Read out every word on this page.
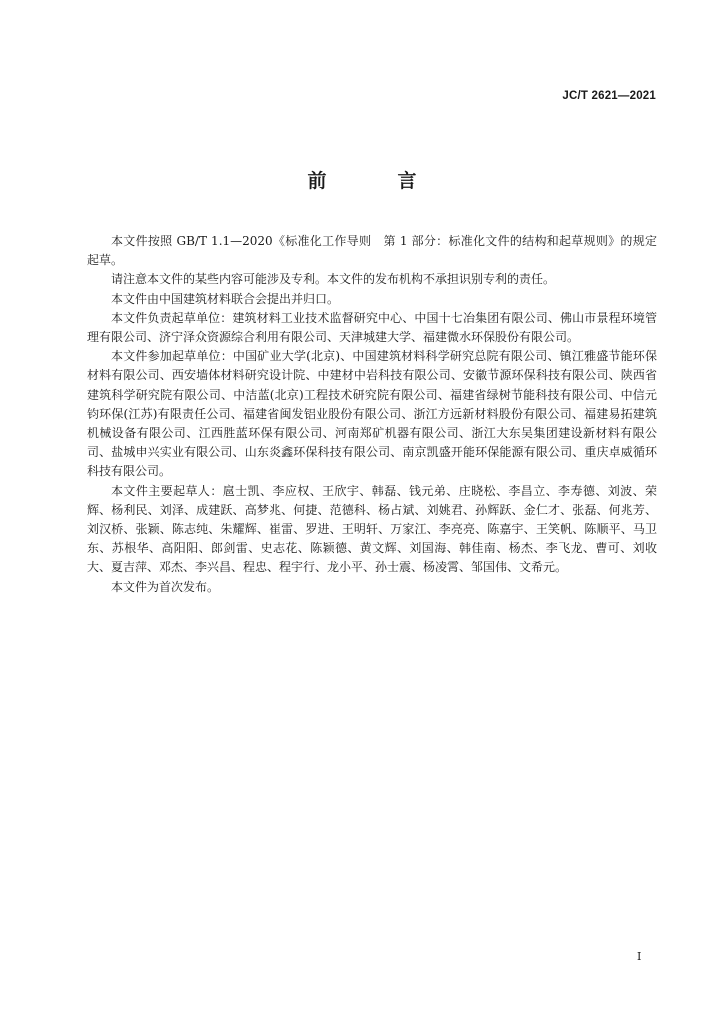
JC/T 2621—2021
前　言

本文件按照 GB/T 1.1—2020《标准化工作导则　第 1 部分：标准化文件的结构和起草规则》的规定起草。

请注意本文件的某些内容可能涉及专利。本文件的发布机构不承担识别专利的责任。

本文件由中国建筑材料联合会提出并归口。

本文件负责起草单位：建筑材料工业技术监督研究中心、中国十七冶集团有限公司、佛山市景程环境管理有限公司、济宁泽众资源综合利用有限公司、天津城建大学、福建微水环保股份有限公司。

本文件参加起草单位：中国矿业大学(北京)、中国建筑材料科学研究总院有限公司、镇江雅盛节能环保材料有限公司、西安墙体材料研究设计院、中建材中岩科技有限公司、安徽节源环保科技有限公司、陕西省建筑科学研究院有限公司、中洁蓝(北京)工程技术研究院有限公司、福建省绿树节能科技有限公司、中信元钧环保(江苏)有限责任公司、福建省闽发铝业股份有限公司、浙江方远新材料股份有限公司、福建易拓建筑机械设备有限公司、江西胜蓝环保有限公司、河南郑矿机器有限公司、浙江大东吴集团建设新材料有限公司、盐城申兴实业有限公司、山东炎鑫环保科技有限公司、南京凯盛开能环保能源有限公司、重庆卓威循环科技有限公司。

本文件主要起草人：扈士凯、李应权、王欣宇、韩磊、钱元弟、庄晓松、李昌立、李寿德、刘波、荣辉、杨利民、刘泽、成建跃、高梦兆、何捷、范德科、杨占斌、刘姚君、孙辉跃、金仁才、张磊、何兆芳、刘汉桥、张颖、陈志纯、朱耀辉、崔雷、罗进、王明轩、万家江、李亮亮、陈嘉宇、王笑帆、陈顺平、马卫东、苏根华、高阳阳、郎剑雷、史志花、陈颖德、黄文辉、刘国海、韩佳南、杨杰、李飞龙、曹可、刘收大、夏吉萍、邓杰、李兴昌、程忠、程宇行、龙小平、孙士震、杨凌霄、邹国伟、文希元。

本文件为首次发布。

I
